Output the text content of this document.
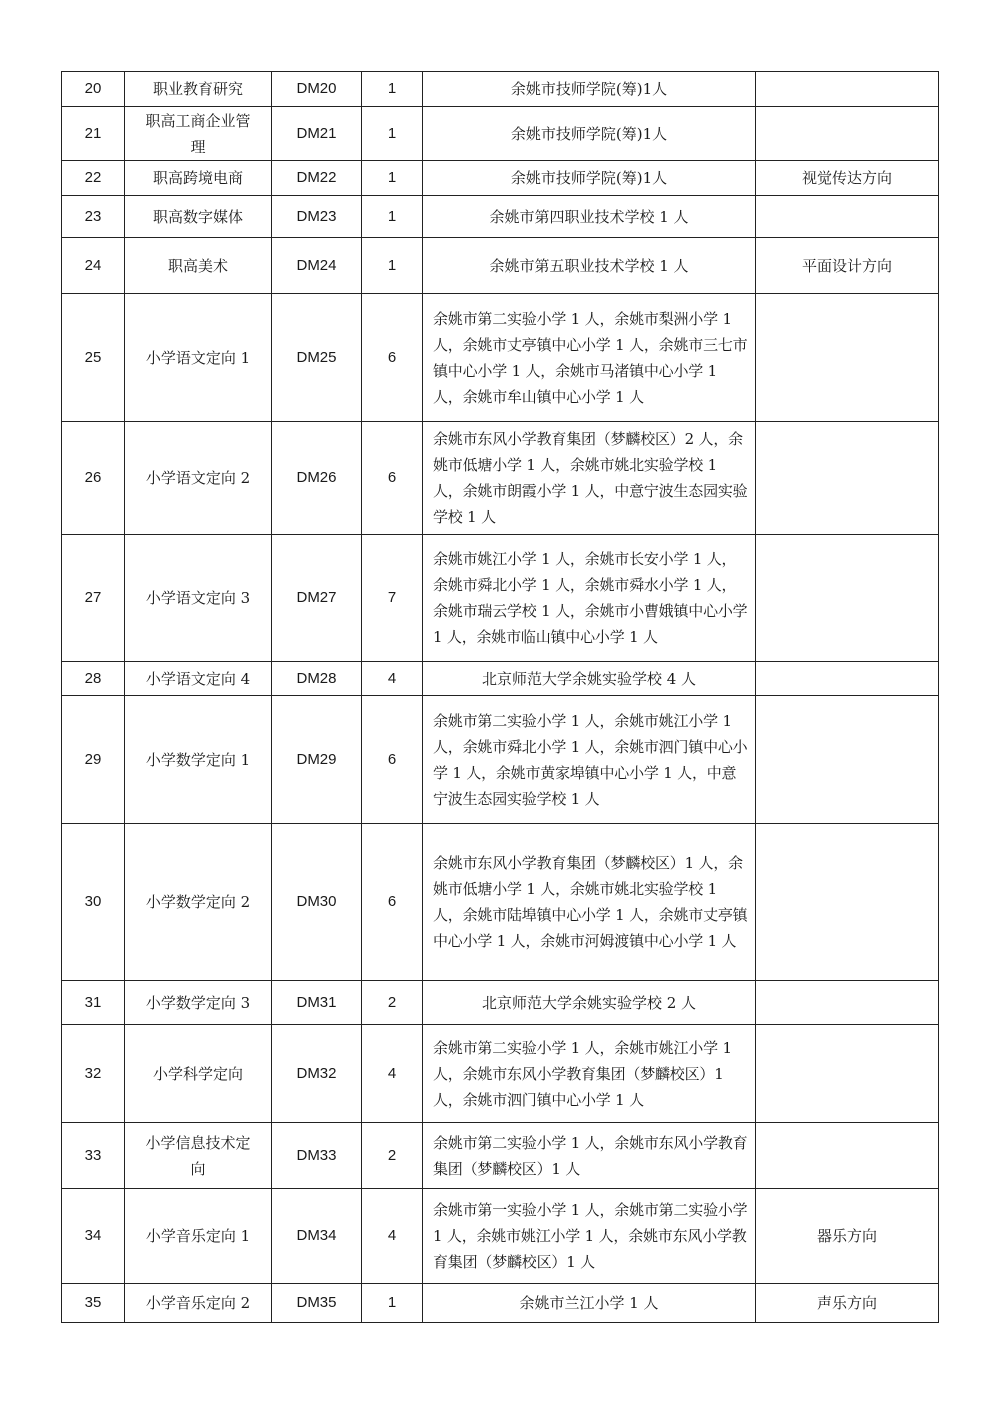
20	职业教育研究	DM20	1	余姚市技师学院(筹)1人	
21	职高工商企业管理	DM21	1	余姚市技师学院(筹)1人	
22	职高跨境电商	DM22	1	余姚市技师学院(筹)1人	视觉传达方向
23	职高数字媒体	DM23	1	余姚市第四职业技术学校 1 人	
24	职高美术	DM24	1	余姚市第五职业技术学校 1 人	平面设计方向
25	小学语文定向 1	DM25	6	余姚市第二实验小学 1 人，余姚市梨洲小学 1 人，余姚市丈亭镇中心小学 1 人，余姚市三七市镇中心小学 1 人，余姚市马渚镇中心小学 1 人，余姚市牟山镇中心小学 1 人	
26	小学语文定向 2	DM26	6	余姚市东风小学教育集团（梦麟校区）2 人，余姚市低塘小学 1 人，余姚市姚北实验学校 1 人，余姚市朗霞小学 1 人，中意宁波生态园实验学校 1 人	
27	小学语文定向 3	DM27	7	余姚市姚江小学 1 人，余姚市长安小学 1 人，余姚市舜北小学 1 人，余姚市舜水小学 1 人，余姚市瑞云学校 1 人，余姚市小曹娥镇中心小学 1 人，余姚市临山镇中心小学 1 人	
28	小学语文定向 4	DM28	4	北京师范大学余姚实验学校 4 人	
29	小学数学定向 1	DM29	6	余姚市第二实验小学 1 人，余姚市姚江小学 1 人，余姚市舜北小学 1 人，余姚市泗门镇中心小学 1 人，余姚市黄家埠镇中心小学 1 人，中意宁波生态园实验学校 1 人	
30	小学数学定向 2	DM30	6	余姚市东风小学教育集团（梦麟校区）1 人，余姚市低塘小学 1 人，余姚市姚北实验学校 1 人，余姚市陆埠镇中心小学 1 人，余姚市丈亭镇中心小学 1 人，余姚市河姆渡镇中心小学 1 人	
31	小学数学定向 3	DM31	2	北京师范大学余姚实验学校 2 人	
32	小学科学定向	DM32	4	余姚市第二实验小学 1 人，余姚市姚江小学 1 人，余姚市东风小学教育集团（梦麟校区）1 人，余姚市泗门镇中心小学 1 人	
33	小学信息技术定向	DM33	2	余姚市第二实验小学 1 人，余姚市东风小学教育集团（梦麟校区）1 人	
34	小学音乐定向 1	DM34	4	余姚市第一实验小学 1 人，余姚市第二实验小学 1 人，余姚市姚江小学 1 人，余姚市东风小学教育集团（梦麟校区）1 人	器乐方向
35	小学音乐定向 2	DM35	1	余姚市兰江小学 1 人	声乐方向
